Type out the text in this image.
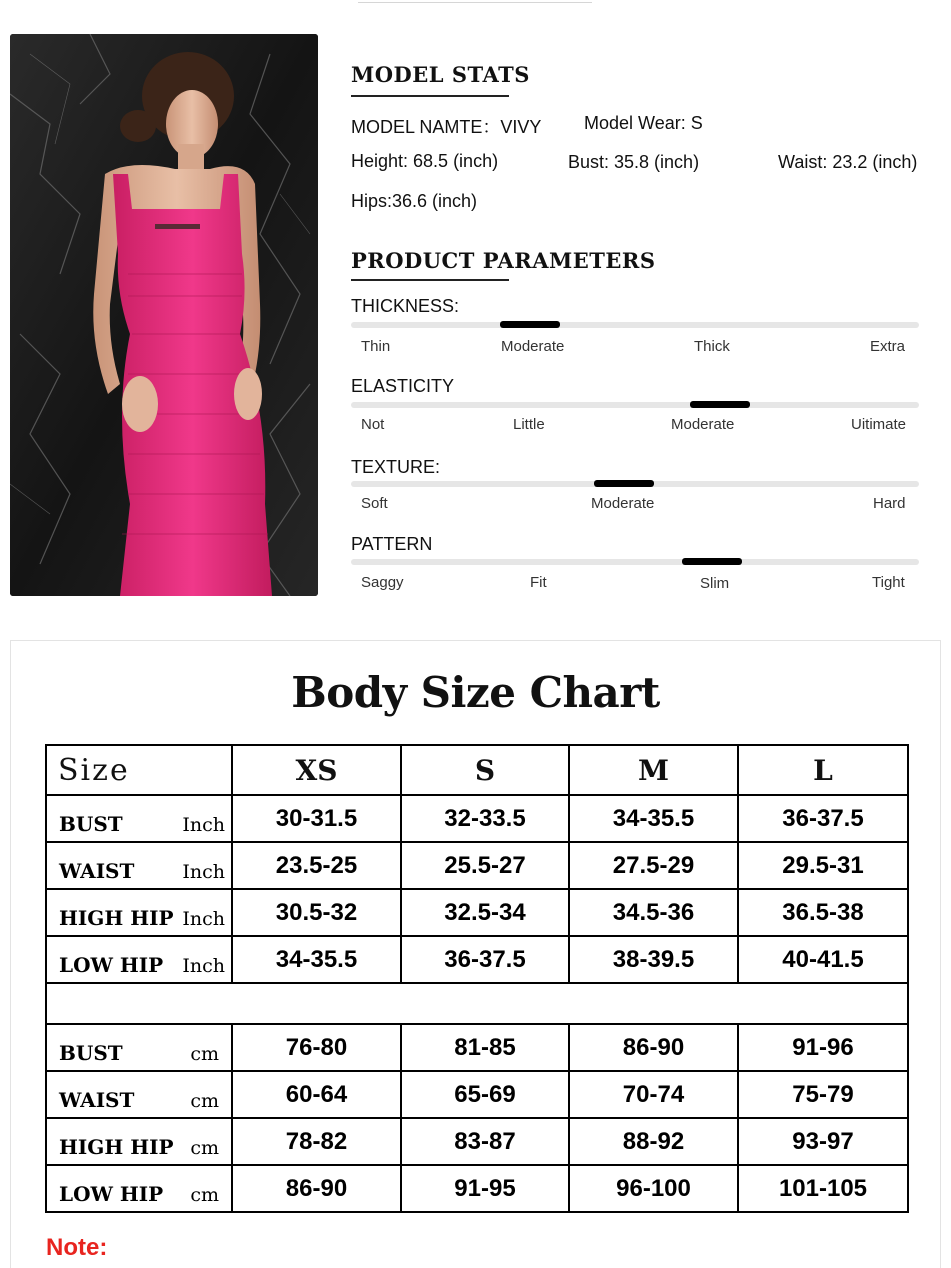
MODEL STATS
MODEL NAMTE：VIVY Model Wear: S
Height: 68.5 (inch)	Bust: 35.8 (inch)	Waist: 23.2 (inch)
Hips:36.6 (inch)
PRODUCT PARAMETERS
THICKNESS:
Thin	Moderate	Thick	Extra
ELASTICITY
Not	Little	Moderate	Uitimate
TEXTURE:
Soft	Moderate	Hard
PATTERN
Saggy	Fit	Slim	Tight
Body Size Chart
Size	XS	S	M	L

BUST Inch	30-31.5	32-33.5	34-35.5	36-37.5

WAIST Inch	23.5-25	25.5-27	27.5-29	29.5-31

HIGH HIP Inch	30.5-32	32.5-34	34.5-36	36.5-38

LOW HIP Inch	34-35.5	36-37.5	38-39.5	40-41.5

BUST cm	76-80	81-85	86-90	91-96

WAIST cm	60-64	65-69	70-74	75-79

HIGH HIP cm	78-82	83-87	88-92	93-97

LOW HIP cm	86-90	91-95	96-100	101-105
Note:
